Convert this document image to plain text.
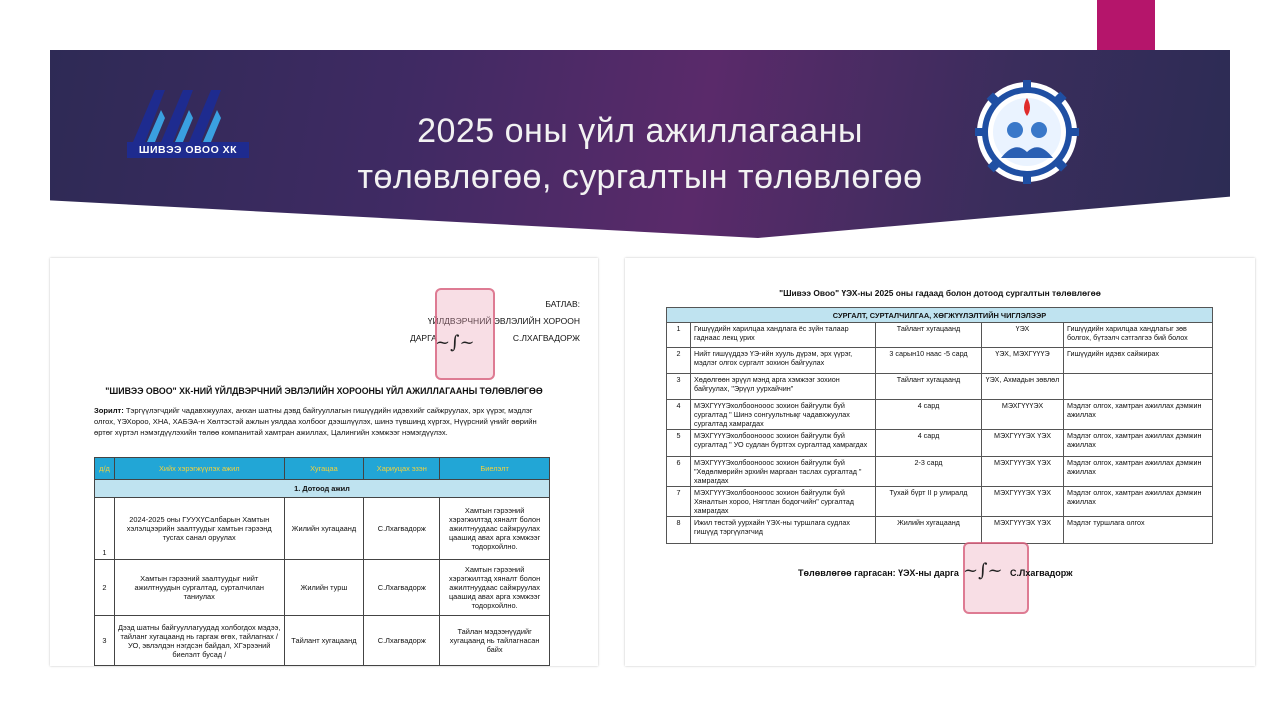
ШИВЭЭ ОВОО ХК	2025 оны үйл ажиллагааны
төлөвлөгөө, сургалтын төлөвлөгөө
БАТЛАВ:
ҮЙЛДВЭРЧНИЙ ЭВЛЭЛИЙН ХОРООН
ДАРГА	С.ЛХАГВАДОРЖ
~∫~
"ШИВЭЭ ОВОО" ХК-НИЙ ҮЙЛДВЭРЧНИЙ ЭВЛЭЛИЙН ХОРООНЫ ҮЙЛ АЖИЛЛАГААНЫ ТӨЛӨВЛӨГӨӨ
Зорилт: Тэргүүлэгчдийг чадавхжуулах, анхан шатны дэвд байгууллагын гишүүдийн идэвхийг сайжруулах, эрх үүрэг, мэдлэг олгох, ҮЭХороо, ХНА, ХАБЭА-н Хөлтэстэй ажлын уялдаа холбоог дээшлүүлэх, шинэ түвшинд хүргэх, Нүүрсний үнийг өөрийн өртөг хүртэл нэмэгдүүлэхийн төлөө компанитай хамтран ажиллах, Цалингийн хэмжээг нэмэгдүүлэх.
д/д	Хийх хэрэгжүүлэх ажил	Хугацаа	Хариуцах эзэн	Биелэлт
1. Дотоод ажил				
1	2024-2025 оны ГУУХҮСалбарын Хамтын хэлэлцээрийн заалтуудыг хамтын гэрээнд тусгах санал оруулах	Жилийн хугацаанд	С.Лхагвадорж	Хамтын гэрээний хэрэгжилтэд хяналт болон ажилтнуудаас сайжруулах цаашид авах арга хэмжээг тодорхойлно.
2	Хамтын гэрээний заалтуудыг нийт ажилтнуудын сургалтад, сурталчилан таниулах	Жилийн турш	С.Лхагвадорж	Хамтын гэрээний хэрэгжилтэд хяналт болон ажилтнуудаас сайжруулах цаашид авах арга хэмжээг тодорхойлно.
3	Дээд шатны байгууллагуудад холбогдох мэдээ, тайланг хугацаанд нь гаргаж өгөх, тайлагнах /УО, эвлэлдэн нэгдсэн байдал, ХГэрээний биелэлт бусад /	Тайлант хугацаанд	С.Лхагвадорж	Тайлан мэдээнүүдийг хугацаанд нь тайлагнасан байх
"Шивээ Овоо" ҮЭХ-ны 2025 оны гадаад болон дотоод сургалтын төлөвлөгөө
СУРГАЛТ, СУРТАЛЧИЛГАА, ХӨГЖҮҮЛЭЛТИЙН ЧИГЛЭЛЭЭР				
1	Гишүүдийн харилцаа хандлага ёс зүйн талаар гаднаас лекц урих	Тайлант хугацаанд	ҮЭХ	Гишүүдийн харилцаа хандлагыг зөв болгох, бүтээлч сэтгэлгээ бий болох
2	Нийт гишүүддээ ҮЭ-ийн хууль дүрэм, эрх үүрэг, мэдлэг олгох сургалт зохион байгуулах	3 сарын10 наас -5 сард	ҮЭХ, МЭХГҮҮҮЭ	Гишүүдийн идэвх сайжирах
3	Хөдөлгөөн эрүүл мэнд арга хэмжээг зохион байгуулах, "Эрүүл уурхайчин"	Тайлант хугацаанд	ҮЭХ, Ахмадын зөвлөл	
4	МЭХГҮҮҮЭхолбоонооос зохион байгуулж буй сургалтад " Шинэ сонгуультнықг чадавхжуулах сургалтад хамрагдах	4 сард	МЭХГҮҮҮЭХ	Мэдлэг олгох, хамтран ажиллах дэмжин ажиллах
5	МЭХГҮҮҮЭхолбоонооос зохион байгуулж буй сургалтад " УО судлан бүртгэх сургалтад хамрагдах	4 сард	МЭХГҮҮҮЭХ ҮЭХ	Мэдлэг олгох, хамтран ажиллах дэмжин ажиллах
6	МЭХГҮҮҮЭхолбоонооос зохион байгуулж буй "Хөдөлмөрийн эрхийн маргаан таслах сургалтад " хамрагдах	2-3 сард	МЭХГҮҮҮЭХ ҮЭХ	Мэдлэг олгох, хамтран ажиллах дэмжин ажиллах
7	МЭХГҮҮҮЭхолбоонооос зохион байгуулж буй Хяналтын хороо, Нягтлан бодогчийн" сургалтад хамрагдах	Тухай бүрт II р улиралд	МЭХГҮҮҮЭХ ҮЭХ	Мэдлэг олгох, хамтран ажиллах дэмжин ажиллах
8	Ижил төстэй уурхайн ҮЭХ-ны туршлага судлах гишүүд тэргүүлэгчид	Жилийн хугацаанд	МЭХГҮҮҮЭХ ҮЭХ	Мэдлэг туршлага олгох
Төлөвлөгөө гаргасан: ҮЭХ-ны дарга ~∫~ С.Лхагвадорж
